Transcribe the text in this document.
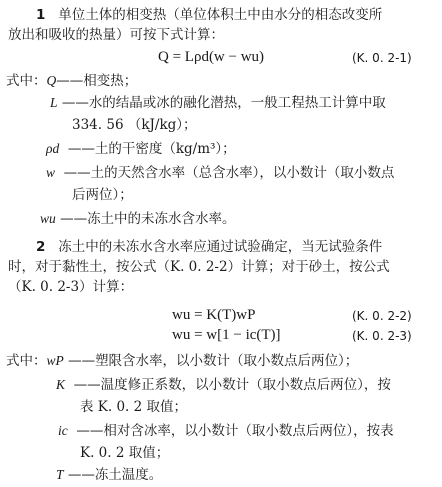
1 单位土体的相变热（单位体积土中由水分的相态改变所
放出和吸收的热量）可按下式计算：
Q = Lρd(w − wu)	(K. 0. 2-1)
式中：Q——相变热；
L ——水的结晶或冰的融化潜热，一般工程热工计算中取
334. 56 （kJ/kg）；
ρd ——土的干密度（kg/m³）；
w ——土的天然含水率（总含水率），以小数计（取小数点
后两位）；
wu ——冻土中的未冻水含水率。
2 冻土中的未冻水含水率应通过试验确定，当无试验条件
时，对于黏性土，按公式（K. 0. 2-2）计算；对于砂土，按公式
（K. 0. 2-3）计算：
wu = K(T)wP	(K. 0. 2-2)
wu = w[1 − ic(T)]	(K. 0. 2-3)
式中：wP ——塑限含水率，以小数计（取小数点后两位）；
K ——温度修正系数，以小数计（取小数点后两位），按
表 K. 0. 2 取值；
ic ——相对含冰率，以小数计（取小数点后两位），按表
K. 0. 2 取值；
T ——冻土温度。
